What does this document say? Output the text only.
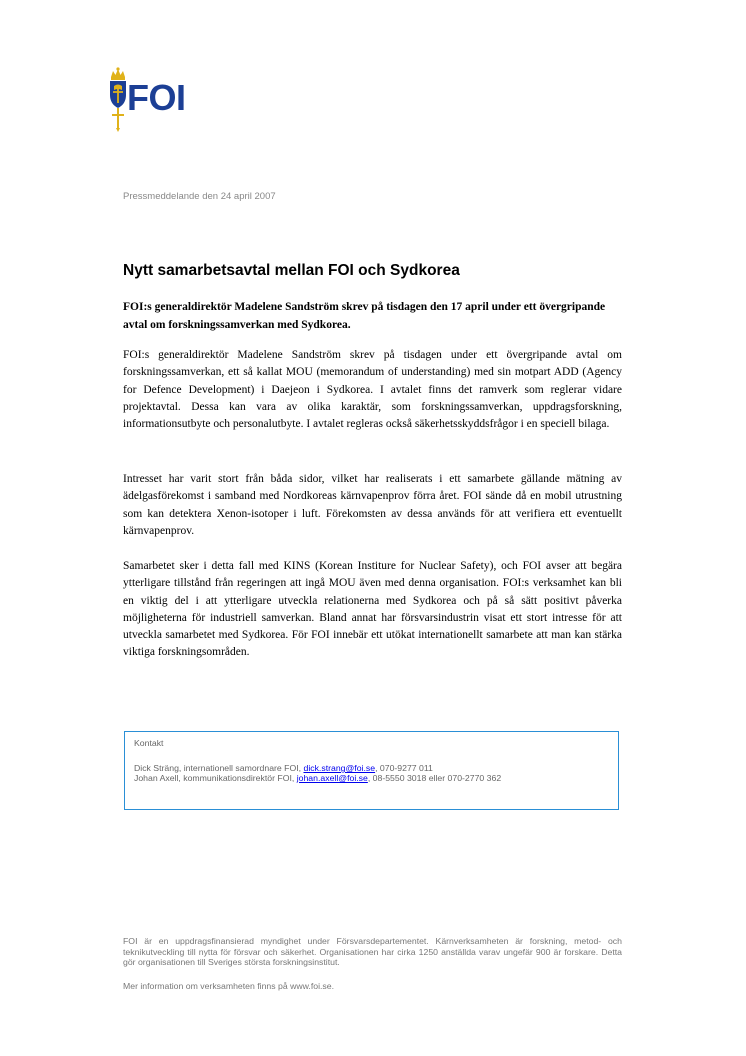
FOI
Pressmeddelande den 24 april 2007
Nytt samarbetsavtal mellan FOI och Sydkorea

FOI:s generaldirektör Madelene Sandström skrev på tisdagen den 17 april under ett övergripande avtal om forskningssamverkan med Sydkorea.

FOI:s generaldirektör Madelene Sandström skrev på tisdagen under ett övergripande avtal om forskningssamverkan, ett så kallat MOU (memorandum of understanding) med sin motpart ADD (Agency for Defence Development) i Daejeon i Sydkorea. I avtalet finns det ramverk som reglerar vidare projektavtal. Dessa kan vara av olika karaktär, som forskningssamverkan, uppdragsforskning, informationsutbyte och personalutbyte. I avtalet regleras också säkerhetsskyddsfrågor i en speciell bilaga.

Intresset har varit stort från båda sidor, vilket har realiserats i ett samarbete gällande mätning av ädelgasförekomst i samband med Nordkoreas kärnvapenprov förra året. FOI sände då en mobil utrustning som kan detektera Xenon-isotoper i luft. Förekomsten av dessa används för att verifiera ett eventuellt kärnvapenprov.

Samarbetet sker i detta fall med KINS (Korean Institure for Nuclear Safety), och FOI avser att begära ytterligare tillstånd från regeringen att ingå MOU även med denna organisation. FOI:s verksamhet kan bli en viktig del i att ytterligare utveckla relationerna med Sydkorea och på så sätt positivt påverka möjligheterna för industriell samverkan. Bland annat har försvarsindustrin visat ett stort intresse för att utveckla samarbetet med Sydkorea. För FOI innebär ett utökat internationellt samarbete att man kan stärka viktiga forskningsområden.

Kontakt
Dick Sträng, internationell samordnare FOI, dick.strang@foi.se, 070-9277 011
Johan Axell, kommunikationsdirektör FOI, johan.axell@foi.se, 08-5550 3018 eller 070-2770 362

FOI är en uppdragsfinansierad myndighet under Försvarsdepartementet. Kärnverksamheten är forskning, metod- och teknikutveckling till nytta för försvar och säkerhet. Organisationen har cirka 1250 anställda varav ungefär 900 är forskare. Detta gör organisationen till Sveriges största forskningsinstitut.

Mer information om verksamheten finns på www.foi.se.
